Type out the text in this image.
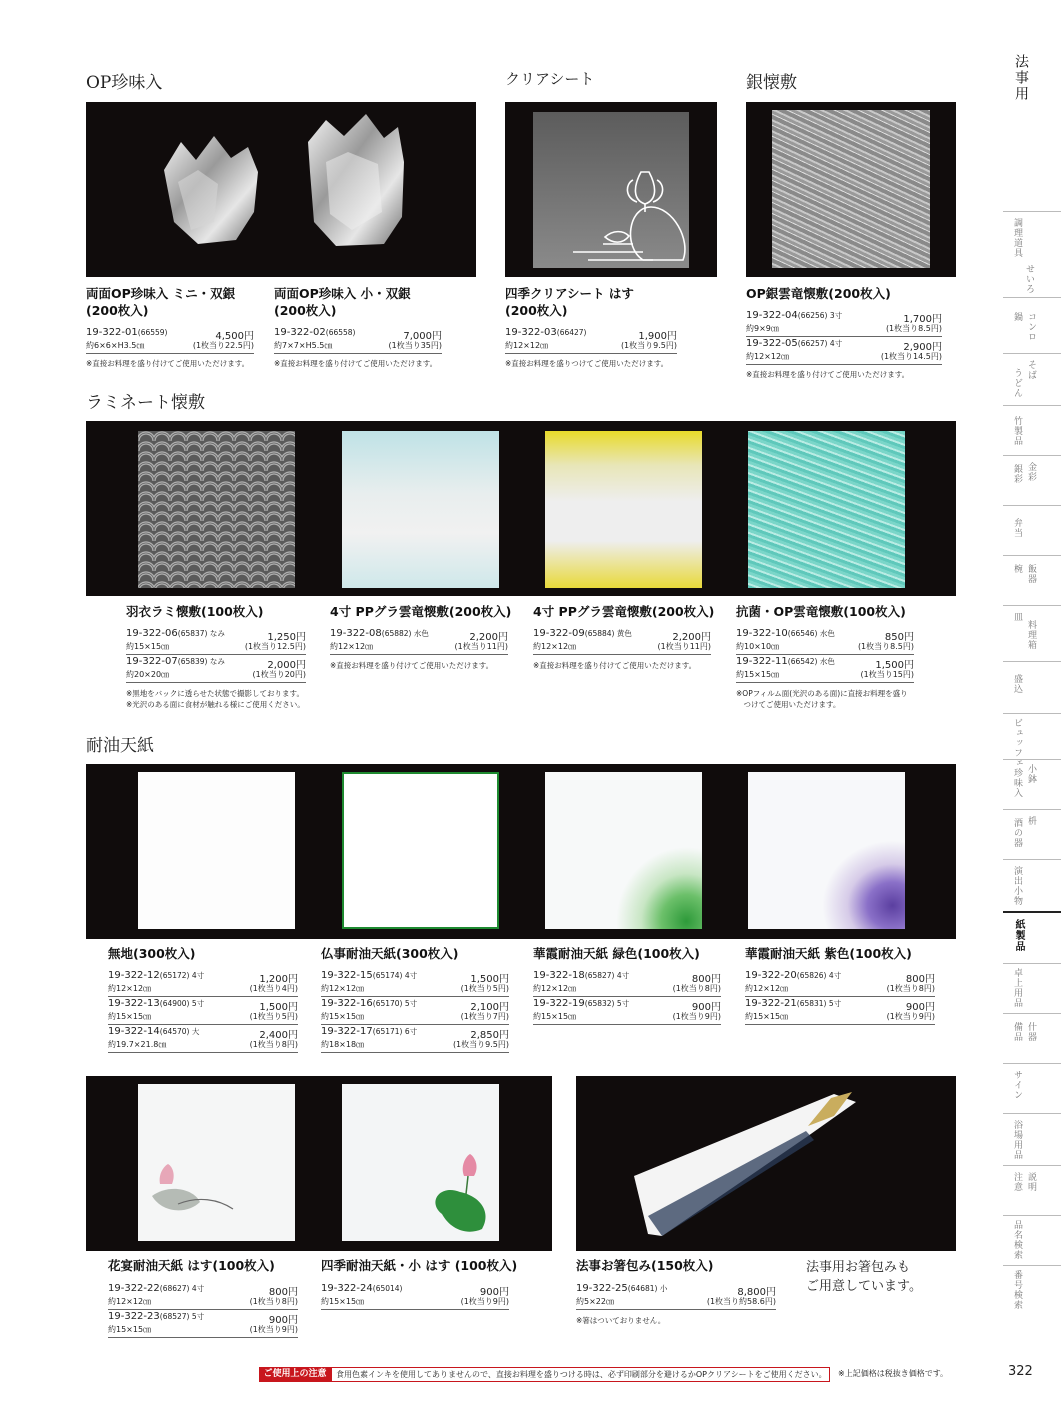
OP珍味入	クリアシート	銀懐敷
ラミネート懐敷
耐油天紙
両面OP珍味入 ミニ・双銀
(200枚入)
19-322-01(66559)	4,500円
約6×6×H3.5㎝	(1枚当り22.5円)
※直接お料理を盛り付けてご使用いただけます。
両面OP珍味入 小・双銀
(200枚入)
19-322-02(66558)	7,000円
約7×7×H5.5㎝	(1枚当り35円)
※直接お料理を盛り付けてご使用いただけます。
四季クリアシート はす
(200枚入)
19-322-03(66427)	1,900円
約12×12㎝	(1枚当り9.5円)
※直接お料理を盛りつけてご使用いただけます。
OP銀雲竜懐敷(200枚入)
19-322-04(66256) 3寸	1,700円
約9×9㎝	(1枚当り8.5円)
19-322-05(66257) 4寸	2,900円
約12×12㎝	(1枚当り14.5円)
※直接お料理を盛り付けてご使用いただけます。
羽衣ラミ懐敷(100枚入)
19-322-06(65837) なみ	1,250円
約15×15㎝	(1枚当り12.5円)
19-322-07(65839) なみ	2,000円
約20×20㎝	(1枚当り20円)
※黒地をバックに透らせた状態で撮影しております。
※光沢のある面に食材が触れる様にご使用ください。
4寸 PPグラ雲竜懐敷(200枚入)
19-322-08(65882) 水色	2,200円
約12×12㎝	(1枚当り11円)
※直接お料理を盛り付けてご使用いただけます。
4寸 PPグラ雲竜懐敷(200枚入)
19-322-09(65884) 黄色	2,200円
約12×12㎝	(1枚当り11円)
※直接お料理を盛り付けてご使用いただけます。
抗菌・OP雲竜懐敷(100枚入)
19-322-10(66546) 水色	850円
約10×10㎝	(1枚当り8.5円)
19-322-11(66542) 水色	1,500円
約15×15㎝	(1枚当り15円)
※OPフィルム面(光沢のある面)に直接お料理を盛り
　つけてご使用いただけます。
無地(300枚入)
19-322-12(65172) 4寸	1,200円
約12×12㎝	(1枚当り4円)
19-322-13(64900) 5寸	1,500円
約15×15㎝	(1枚当り5円)
19-322-14(64570) 大	2,400円
約19.7×21.8㎝	(1枚当り8円)
仏事耐油天紙(300枚入)
19-322-15(65174) 4寸	1,500円
約12×12㎝	(1枚当り5円)
19-322-16(65170) 5寸	2,100円
約15×15㎝	(1枚当り7円)
19-322-17(65171) 6寸	2,850円
約18×18㎝	(1枚当り9.5円)
華霞耐油天紙 緑色(100枚入)
19-322-18(65827) 4寸	800円
約12×12㎝	(1枚当り8円)
19-322-19(65832) 5寸	900円
約15×15㎝	(1枚当り9円)
華霞耐油天紙 紫色(100枚入)
19-322-20(65826) 4寸	800円
約12×12㎝	(1枚当り8円)
19-322-21(65831) 5寸	900円
約15×15㎝	(1枚当り9円)
花宴耐油天紙 はす(100枚入)
19-322-22(68627) 4寸	800円
約12×12㎝	(1枚当り8円)
19-322-23(68527) 5寸	900円
約15×15㎝	(1枚当り9円)
四季耐油天紙・小 はす (100枚入)
19-322-24(65014)	900円
約15×15㎝	(1枚当り9円)
法事お箸包み(150枚入)
19-322-25(64681) 小	8,800円
約5×22㎝	(1枚当り約58.6円)
※箸はついておりません。
法事用お箸包みも
ご用意しています。
ご使用上の注意	食用色素インキを使用してありませんので、直接お料理を盛りつける時は、必ず印刷部分を避けるかOPクリアシートをご使用ください。	※上記価格は税抜き価格です。	322
法事用
調理道具
せいろ
鍋 コンロ
うどん そば
竹製品
銀彩 金彩
弁当
椀 飯器
皿
料理箱
盛込
ビュッフェ
小鉢
珍味入
酒の器 枡
演出小物
紙製品
卓上用品
備品 什器
サイン
浴場用品
注意 説明
品名検索
番号検索
